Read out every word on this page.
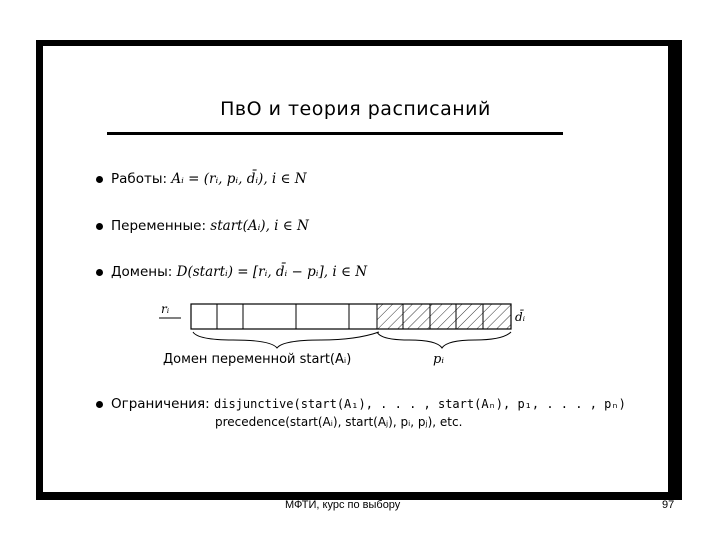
ПвО и теория расписаний
Работы: Aᵢ = (rᵢ, pᵢ, d̄ᵢ), i ∈ N
Переменные: start(Aᵢ), i ∈ N
Домены: D(startᵢ) = [rᵢ, d̄ᵢ − pᵢ], i ∈ N
rᵢ
d̄ᵢ
Домен переменной start(Aᵢ)	pᵢ
Ограничения: disjunctive(start(A₁), . . . , start(Aₙ), p₁, . . . , pₙ)
precedence(start(Aᵢ), start(Aⱼ), pᵢ, pⱼ), etc.
МФТИ, курс по выбору	97
